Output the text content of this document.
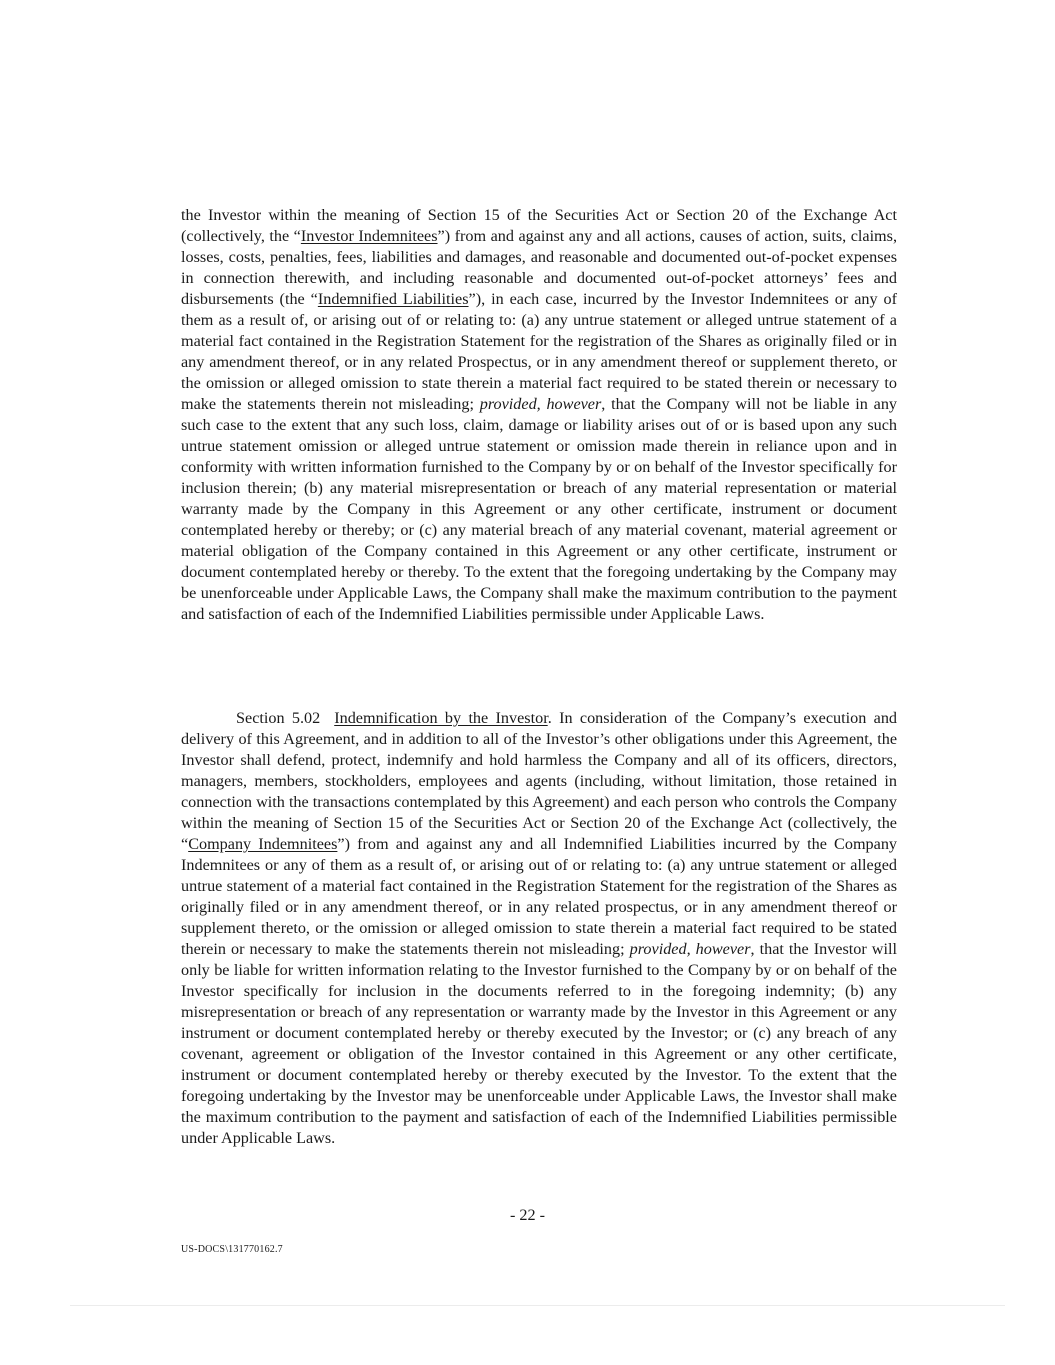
the Investor within the meaning of Section 15 of the Securities Act or Section 20 of the Exchange Act (collectively, the “Investor Indemnitees”) from and against any and all actions, causes of action, suits, claims, losses, costs, penalties, fees, liabilities and damages, and reasonable and documented out-of-pocket expenses in connection therewith, and including reasonable and documented out-of-pocket attorneys’ fees and disbursements (the “Indemnified Liabilities”), in each case, incurred by the Investor Indemnitees or any of them as a result of, or arising out of or relating to: (a) any untrue statement or alleged untrue statement of a material fact contained in the Registration Statement for the registration of the Shares as originally filed or in any amendment thereof, or in any related Prospectus, or in any amendment thereof or supplement thereto, or the omission or alleged omission to state therein a material fact required to be stated therein or necessary to make the statements therein not misleading; provided, however, that the Company will not be liable in any such case to the extent that any such loss, claim, damage or liability arises out of or is based upon any such untrue statement omission or alleged untrue statement or omission made therein in reliance upon and in conformity with written information furnished to the Company by or on behalf of the Investor specifically for inclusion therein; (b) any material misrepresentation or breach of any material representation or material warranty made by the Company in this Agreement or any other certificate, instrument or document contemplated hereby or thereby; or (c) any material breach of any material covenant, material agreement or material obligation of the Company contained in this Agreement or any other certificate, instrument or document contemplated hereby or thereby. To the extent that the foregoing undertaking by the Company may be unenforceable under Applicable Laws, the Company shall make the maximum contribution to the payment and satisfaction of each of the Indemnified Liabilities permissible under Applicable Laws.

Section 5.02 Indemnification by the Investor. In consideration of the Company’s execution and delivery of this Agreement, and in addition to all of the Investor’s other obligations under this Agreement, the Investor shall defend, protect, indemnify and hold harmless the Company and all of its officers, directors, managers, members, stockholders, employees and agents (including, without limitation, those retained in connection with the transactions contemplated by this Agreement) and each person who controls the Company within the meaning of Section 15 of the Securities Act or Section 20 of the Exchange Act (collectively, the “Company Indemnitees”) from and against any and all Indemnified Liabilities incurred by the Company Indemnitees or any of them as a result of, or arising out of or relating to: (a) any untrue statement or alleged untrue statement of a material fact contained in the Registration Statement for the registration of the Shares as originally filed or in any amendment thereof, or in any related prospectus, or in any amendment thereof or supplement thereto, or the omission or alleged omission to state therein a material fact required to be stated therein or necessary to make the statements therein not misleading; provided, however, that the Investor will only be liable for written information relating to the Investor furnished to the Company by or on behalf of the Investor specifically for inclusion in the documents referred to in the foregoing indemnity; (b) any misrepresentation or breach of any representation or warranty made by the Investor in this Agreement or any instrument or document contemplated hereby or thereby executed by the Investor; or (c) any breach of any covenant, agreement or obligation of the Investor contained in this Agreement or any other certificate, instrument or document contemplated hereby or thereby executed by the Investor. To the extent that the foregoing undertaking by the Investor may be unenforceable under Applicable Laws, the Investor shall make the maximum contribution to the payment and satisfaction of each of the Indemnified Liabilities permissible under Applicable Laws.

- 22 -
US-DOCS\131770162.7
